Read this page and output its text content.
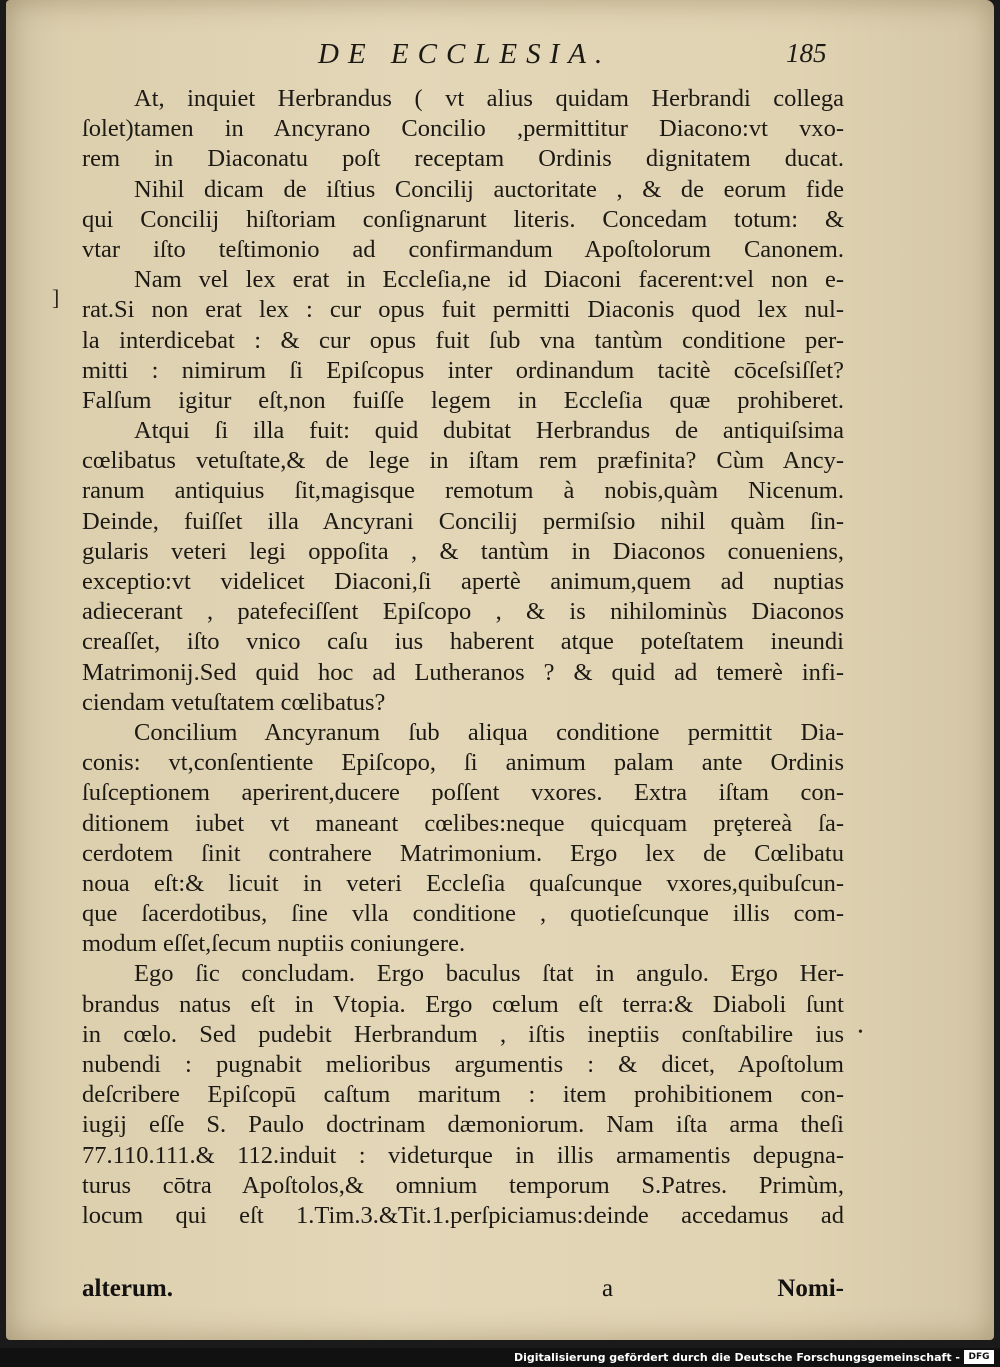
DE ECCLESIA.	185
At, inquiet Herbrandus ( vt alius quidam Herbrandi collega
ſolet)tamen in Ancyrano Concilio ,permittitur Diacono:vt vxo-
rem in Diaconatu poſt receptam Ordinis dignitatem ducat.
Nihil dicam de iſtius Concilij auctoritate , & de eorum fide
qui Concilij hiſtoriam conſignarunt literis. Concedam totum: &
vtar iſto teſtimonio ad confirmandum Apoſtolorum Canonem.
Nam vel lex erat in Eccleſia,ne id Diaconi facerent:vel non e-
rat.Si non erat lex : cur opus fuit permitti Diaconis quod lex nul-
la interdicebat : & cur opus fuit ſub vna tantùm conditione per-
mitti : nimirum ſi Epiſcopus inter ordinandum tacitè cōceſsiſſet?
Falſum igitur eſt,non fuiſſe legem in Eccleſia quæ prohiberet.
Atqui ſi illa fuit: quid dubitat Herbrandus de antiquiſsima
cœlibatus vetuſtate,& de lege in iſtam rem præfinita? Cùm Ancy-
ranum antiquius ſit,magisque remotum à nobis,quàm Nicenum.
Deinde, fuiſſet illa Ancyrani Concilij permiſsio nihil quàm ſin-
gularis veteri legi oppoſita , & tantùm in Diaconos conueniens,
exceptio:vt videlicet Diaconi,ſi apertè animum,quem ad nuptias
adiecerant , patefeciſſent Epiſcopo , & is nihilominùs Diaconos
creaſſet, iſto vnico caſu ius haberent atque poteſtatem ineundi
Matrimonij.Sed quid hoc ad Lutheranos ? & quid ad temerè infi-
ciendam vetuſtatem cœlibatus?
Concilium Ancyranum ſub aliqua conditione permittit Dia-
conis: vt,conſentiente Epiſcopo, ſi animum palam ante Ordinis
ſuſceptionem aperirent,ducere poſſent vxores. Extra iſtam con-
ditionem iubet vt maneant cœlibes:neque quicquam prȩtereà ſa-
cerdotem ſinit contrahere Matrimonium. Ergo lex de Cœlibatu
noua eſt:& licuit in veteri Eccleſia quaſcunque vxores,quibuſcun-
que ſacerdotibus, ſine vlla conditione , quotieſcunque illis com-
modum eſſet,ſecum nuptiis coniungere.
Ego ſic concludam. Ergo baculus ſtat in angulo. Ergo Her-
brandus natus eſt in Vtopia. Ergo cœlum eſt terra:& Diaboli ſunt
in cœlo. Sed pudebit Herbrandum , iſtis ineptiis conſtabilire ius
nubendi : pugnabit melioribus argumentis : & dicet, Apoſtolum
deſcribere Epiſcopū caſtum maritum : item prohibitionem con-
iugij eſſe S. Paulo doctrinam dæmoniorum. Nam iſta arma theſi
77.110.111.& 112.induit : videturque in illis armamentis depugna-
turus cōtra Apoſtolos,& omnium temporum S.Patres. Primùm,
locum qui eſt 1.Tim.3.&Tit.1.perſpiciamus:deinde accedamus ad
]
•
alterum.	a	Nomi-
Digitalisierung gefördert durch die Deutsche Forschungsgemeinschaft - DFG
